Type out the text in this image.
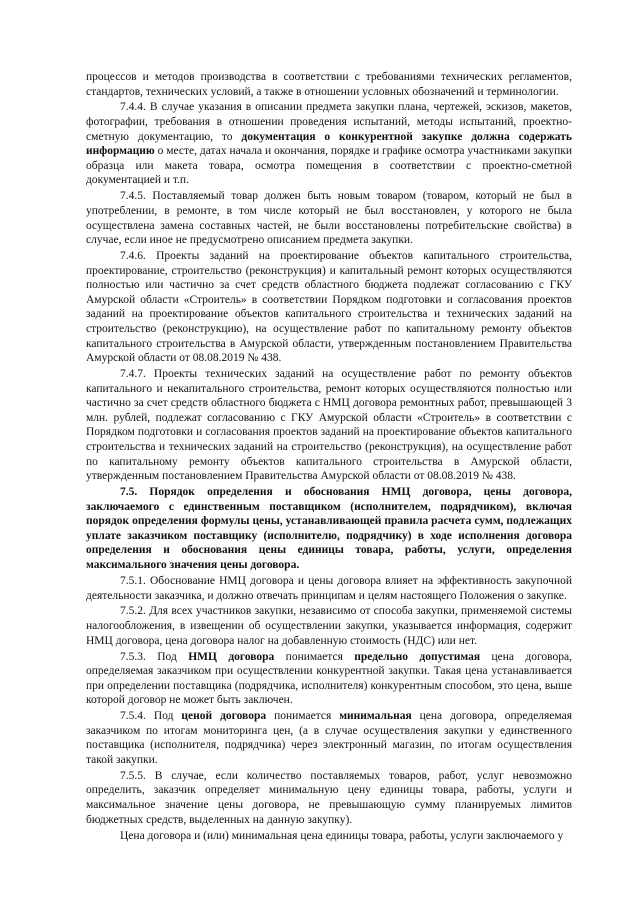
процессов и методов производства в соответствии с требованиями технических регламентов, стандартов, технических условий, а также в отношении условных обозначений и терминологии.

7.4.4. В случае указания в описании предмета закупки плана, чертежей, эскизов, макетов, фотографии, требования в отношении проведения испытаний, методы испытаний, проектно-сметную документацию, то документация о конкурентной закупке должна содержать информацию о месте, датах начала и окончания, порядке и графике осмотра участниками закупки образца или макета товара, осмотра помещения в соответствии с проектно-сметной документацией и т.п.

7.4.5. Поставляемый товар должен быть новым товаром (товаром, который не был в употреблении, в ремонте, в том числе который не был восстановлен, у которого не была осуществлена замена составных частей, не были восстановлены потребительские свойства) в случае, если иное не предусмотрено описанием предмета закупки.

7.4.6. Проекты заданий на проектирование объектов капитального строительства, проектирование, строительство (реконструкция) и капитальный ремонт которых осуществляются полностью или частично за счет средств областного бюджета подлежат согласованию с ГКУ Амурской области «Строитель» в соответствии Порядком подготовки и согласования проектов заданий на проектирование объектов капитального строительства и технических заданий на строительство (реконструкцию), на осуществление работ по капитальному ремонту объектов капитального строительства в Амурской области, утвержденным постановлением Правительства Амурской области от 08.08.2019 № 438.

7.4.7. Проекты технических заданий на осуществление работ по ремонту объектов капитального и некапитального строительства, ремонт которых осуществляются полностью или частично за счет средств областного бюджета с НМЦ договора ремонтных работ, превышающей 3 млн. рублей, подлежат согласованию с ГКУ Амурской области «Строитель» в соответствии с Порядком подготовки и согласования проектов заданий на проектирование объектов капитального строительства и технических заданий на строительство (реконструкция), на осуществление работ по капитальному ремонту объектов капитального строительства в Амурской области, утвержденным постановлением Правительства Амурской области от 08.08.2019 № 438.

7.5. Порядок определения и обоснования НМЦ договора, цены договора, заключаемого с единственным поставщиком (исполнителем, подрядчиком), включая порядок определения формулы цены, устанавливающей правила расчета сумм, подлежащих уплате заказчиком поставщику (исполнителю, подрядчику) в ходе исполнения договора определения и обоснования цены единицы товара, работы, услуги, определения максимального значения цены договора.

7.5.1. Обоснование НМЦ договора и цены договора влияет на эффективность закупочной деятельности заказчика, и должно отвечать принципам и целям настоящего Положения о закупке.

7.5.2. Для всех участников закупки, независимо от способа закупки, применяемой системы налогообложения, в извещении об осуществлении закупки, указывается информация, содержит НМЦ договора, цена договора налог на добавленную стоимость (НДС) или нет.

7.5.3. Под НМЦ договора понимается предельно допустимая цена договора, определяемая заказчиком при осуществлении конкурентной закупки. Такая цена устанавливается при определении поставщика (подрядчика, исполнителя) конкурентным способом, это цена, выше которой договор не может быть заключен.

7.5.4. Под ценой договора понимается минимальная цена договора, определяемая заказчиком по итогам мониторинга цен, (а в случае осуществления закупки у единственного поставщика (исполнителя, подрядчика) через электронный магазин, по итогам осуществления такой закупки.

7.5.5. В случае, если количество поставляемых товаров, работ, услуг невозможно определить, заказчик определяет минимальную цену единицы товара, работы, услуги и максимальное значение цены договора, не превышающую сумму планируемых лимитов бюджетных средств, выделенных на данную закупку).

Цена договора и (или) минимальная цена единицы товара, работы, услуги заключаемого у
